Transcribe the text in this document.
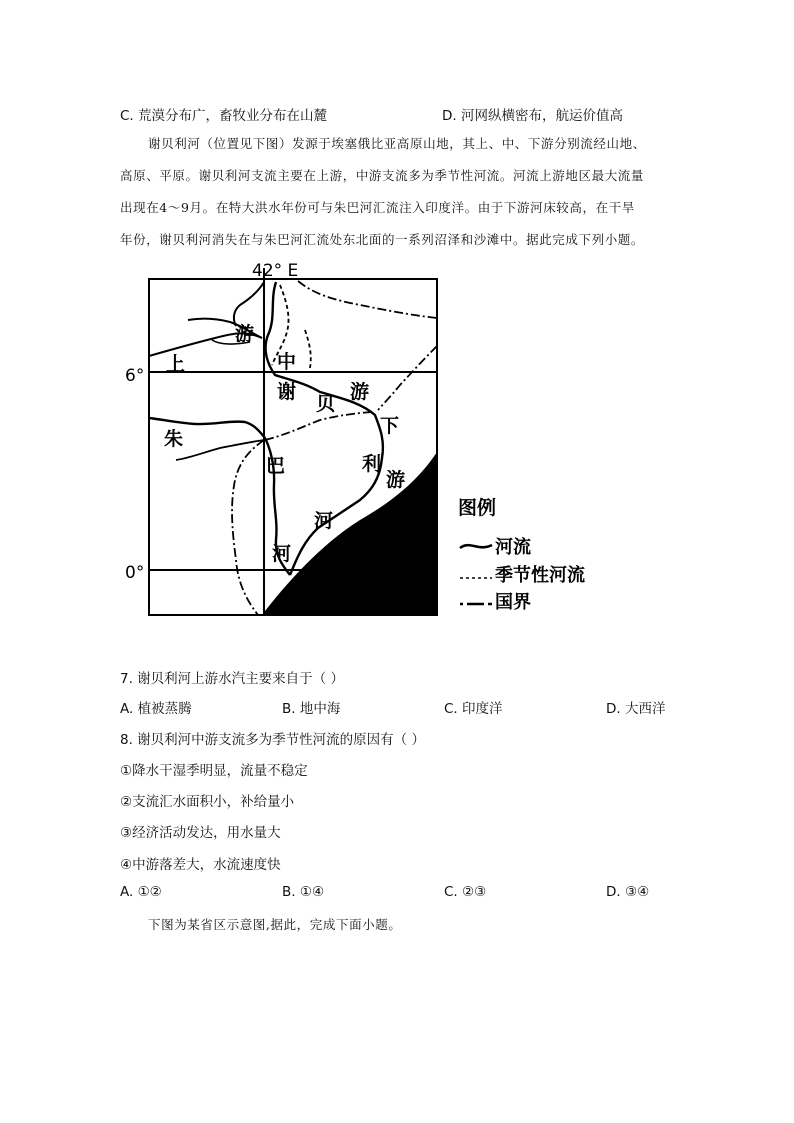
C. 荒漠分布广，畜牧业分布在山麓	D. 河网纵横密布，航运价值高
谢贝利河（位置见下图）发源于埃塞俄比亚高原山地，其上、中、下游分别流经山地、
高原、平原。谢贝利河支流主要在上游，中游支流多为季节性河流。河流上游地区最大流量
出现在4～9月。在特大洪水年份可与朱巴河汇流注入印度洋。由于下游河床较高，在干旱
年份，谢贝利河消失在与朱巴河汇流处东北面的一系列沼泽和沙滩中。据此完成下列小题。
42° E
6°
0°
游
上	中
谢
贝
游
下
朱
利
游
巴
河
河
图例
河流
季节性河流
国界
7. 谢贝利河上游水汽主要来自于（ ）
A. 植被蒸腾	B. 地中海	C. 印度洋	D. 大西洋
8. 谢贝利河中游支流多为季节性河流的原因有（ ）
①降水干湿季明显，流量不稳定
②支流汇水面积小，补给量小
③经济活动发达，用水量大
④中游落差大，水流速度快
A. ①②	B. ①④	C. ②③	D. ③④
下图为某省区示意图,据此，完成下面小题。
